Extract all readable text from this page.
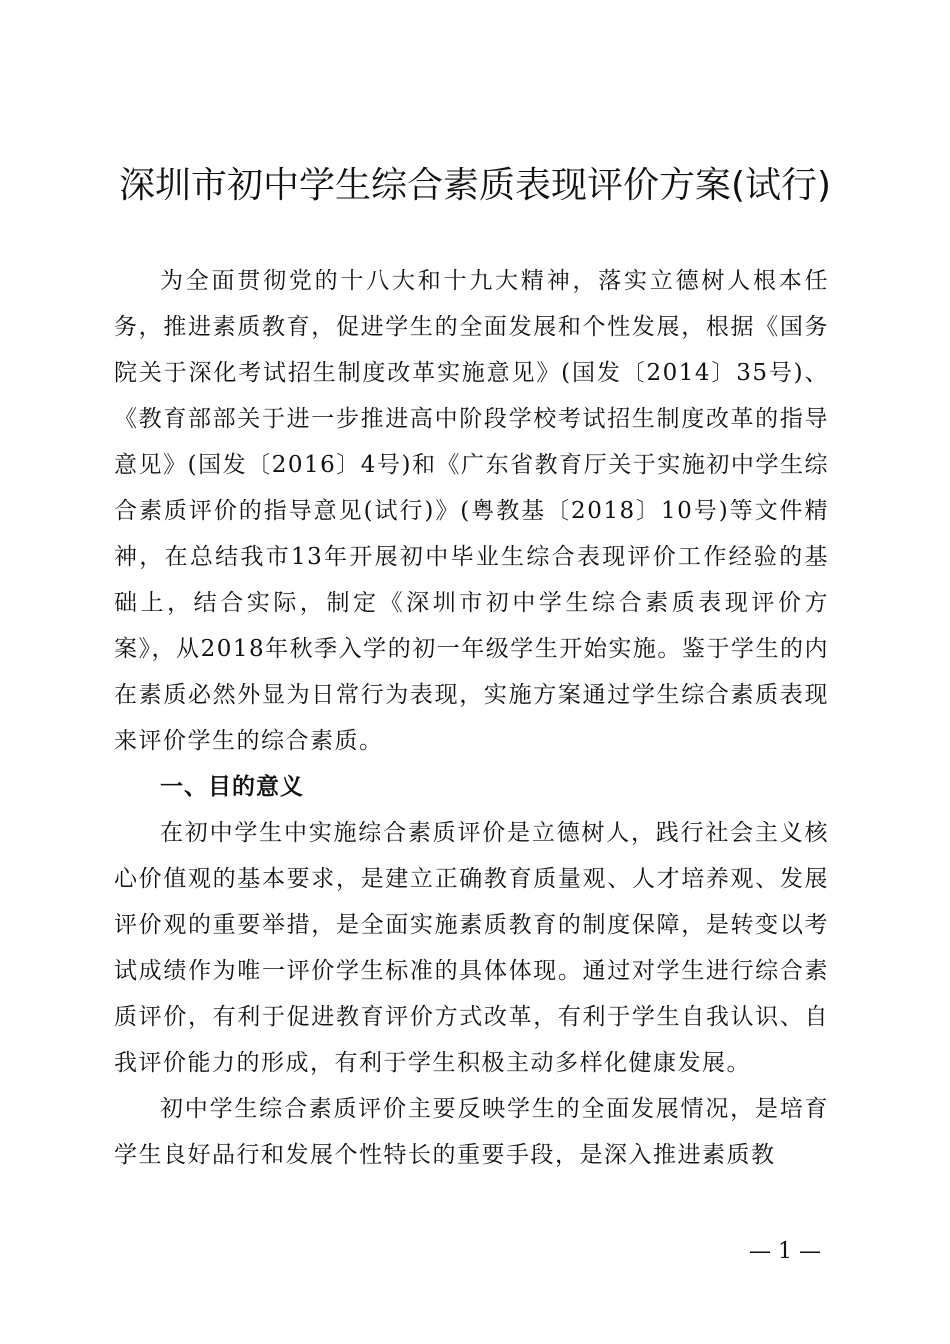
深圳市初中学生综合素质表现评价方案(试行)

为全面贯彻党的十八大和十九大精神，落实立德树人根本任务，推进素质教育，促进学生的全面发展和个性发展，根据《国务院关于深化考试招生制度改革实施意见》(国发〔2014〕35号)、《教育部部关于进一步推进高中阶段学校考试招生制度改革的指导意见》(国发〔2016〕4号)和《广东省教育厅关于实施初中学生综合素质评价的指导意见(试行)》(粤教基〔2018〕10号)等文件精神，在总结我市13年开展初中毕业生综合表现评价工作经验的基础上，结合实际，制定《深圳市初中学生综合素质表现评价方案》，从2018年秋季入学的初一年级学生开始实施。鉴于学生的内在素质必然外显为日常行为表现，实施方案通过学生综合素质表现来评价学生的综合素质。

一、目的意义

在初中学生中实施综合素质评价是立德树人，践行社会主义核心价值观的基本要求，是建立正确教育质量观、人才培养观、发展评价观的重要举措，是全面实施素质教育的制度保障，是转变以考试成绩作为唯一评价学生标准的具体体现。通过对学生进行综合素质评价，有利于促进教育评价方式改革，有利于学生自我认识、自我评价能力的形成，有利于学生积极主动多样化健康发展。

初中学生综合素质评价主要反映学生的全面发展情况，是培育学生良好品行和发展个性特长的重要手段，是深入推进素质教

— 1 —
